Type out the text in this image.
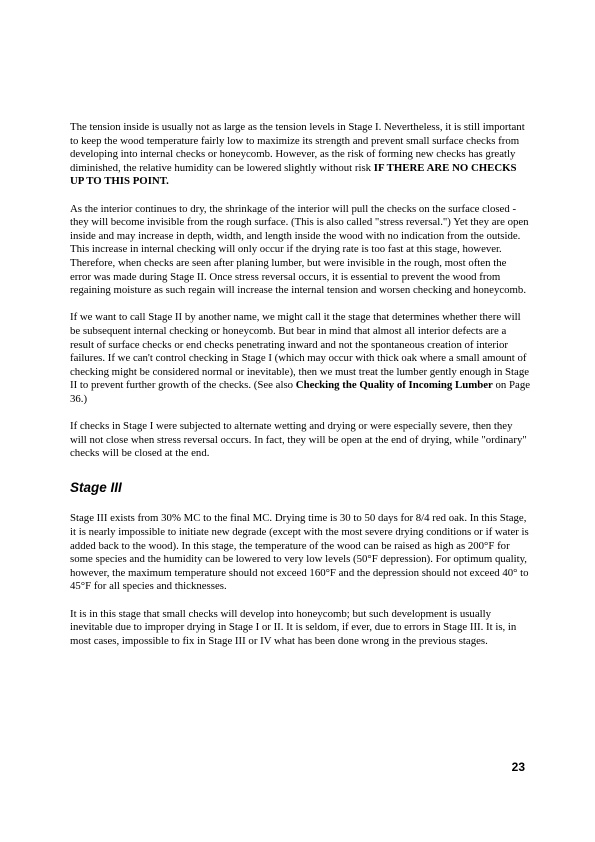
The tension inside is usually not as large as the tension levels in Stage I. Nevertheless, it is still important to keep the wood temperature fairly low to maximize its strength and prevent small surface checks from developing into internal checks or honeycomb. However, as the risk of forming new checks has greatly diminished, the relative humidity can be lowered slightly without risk IF THERE ARE NO CHECKS UP TO THIS POINT.

As the interior continues to dry, the shrinkage of the interior will pull the checks on the surface closed - they will become invisible from the rough surface. (This is also called "stress reversal.") Yet they are open inside and may increase in depth, width, and length inside the wood with no indication from the outside. This increase in internal checking will only occur if the drying rate is too fast at this stage, however. Therefore, when checks are seen after planing lumber, but were invisible in the rough, most often the error was made during Stage II. Once stress reversal occurs, it is essential to prevent the wood from regaining moisture as such regain will increase the internal tension and worsen checking and honeycomb.

If we want to call Stage II by another name, we might call it the stage that determines whether there will be subsequent internal checking or honeycomb. But bear in mind that almost all interior defects are a result of surface checks or end checks penetrating inward and not the spontaneous creation of interior failures. If we can't control checking in Stage I (which may occur with thick oak where a small amount of checking might be considered normal or inevitable), then we must treat the lumber gently enough in Stage II to prevent further growth of the checks. (See also Checking the Quality of Incoming Lumber on Page 36.)

If checks in Stage I were subjected to alternate wetting and drying or were especially severe, then they will not close when stress reversal occurs. In fact, they will be open at the end of drying, while "ordinary" checks will be closed at the end.

Stage III

Stage III exists from 30% MC to the final MC. Drying time is 30 to 50 days for 8/4 red oak. In this Stage, it is nearly impossible to initiate new degrade (except with the most severe drying conditions or if water is added back to the wood). In this stage, the temperature of the wood can be raised as high as 200°F for some species and the humidity can be lowered to very low levels (50°F depression). For optimum quality, however, the maximum temperature should not exceed 160°F and the depression should not exceed 40° to 45°F for all species and thicknesses.

It is in this stage that small checks will develop into honeycomb; but such development is usually inevitable due to improper drying in Stage I or II. It is seldom, if ever, due to errors in Stage III. It is, in most cases, impossible to fix in Stage III or IV what has been done wrong in the previous stages.

23
